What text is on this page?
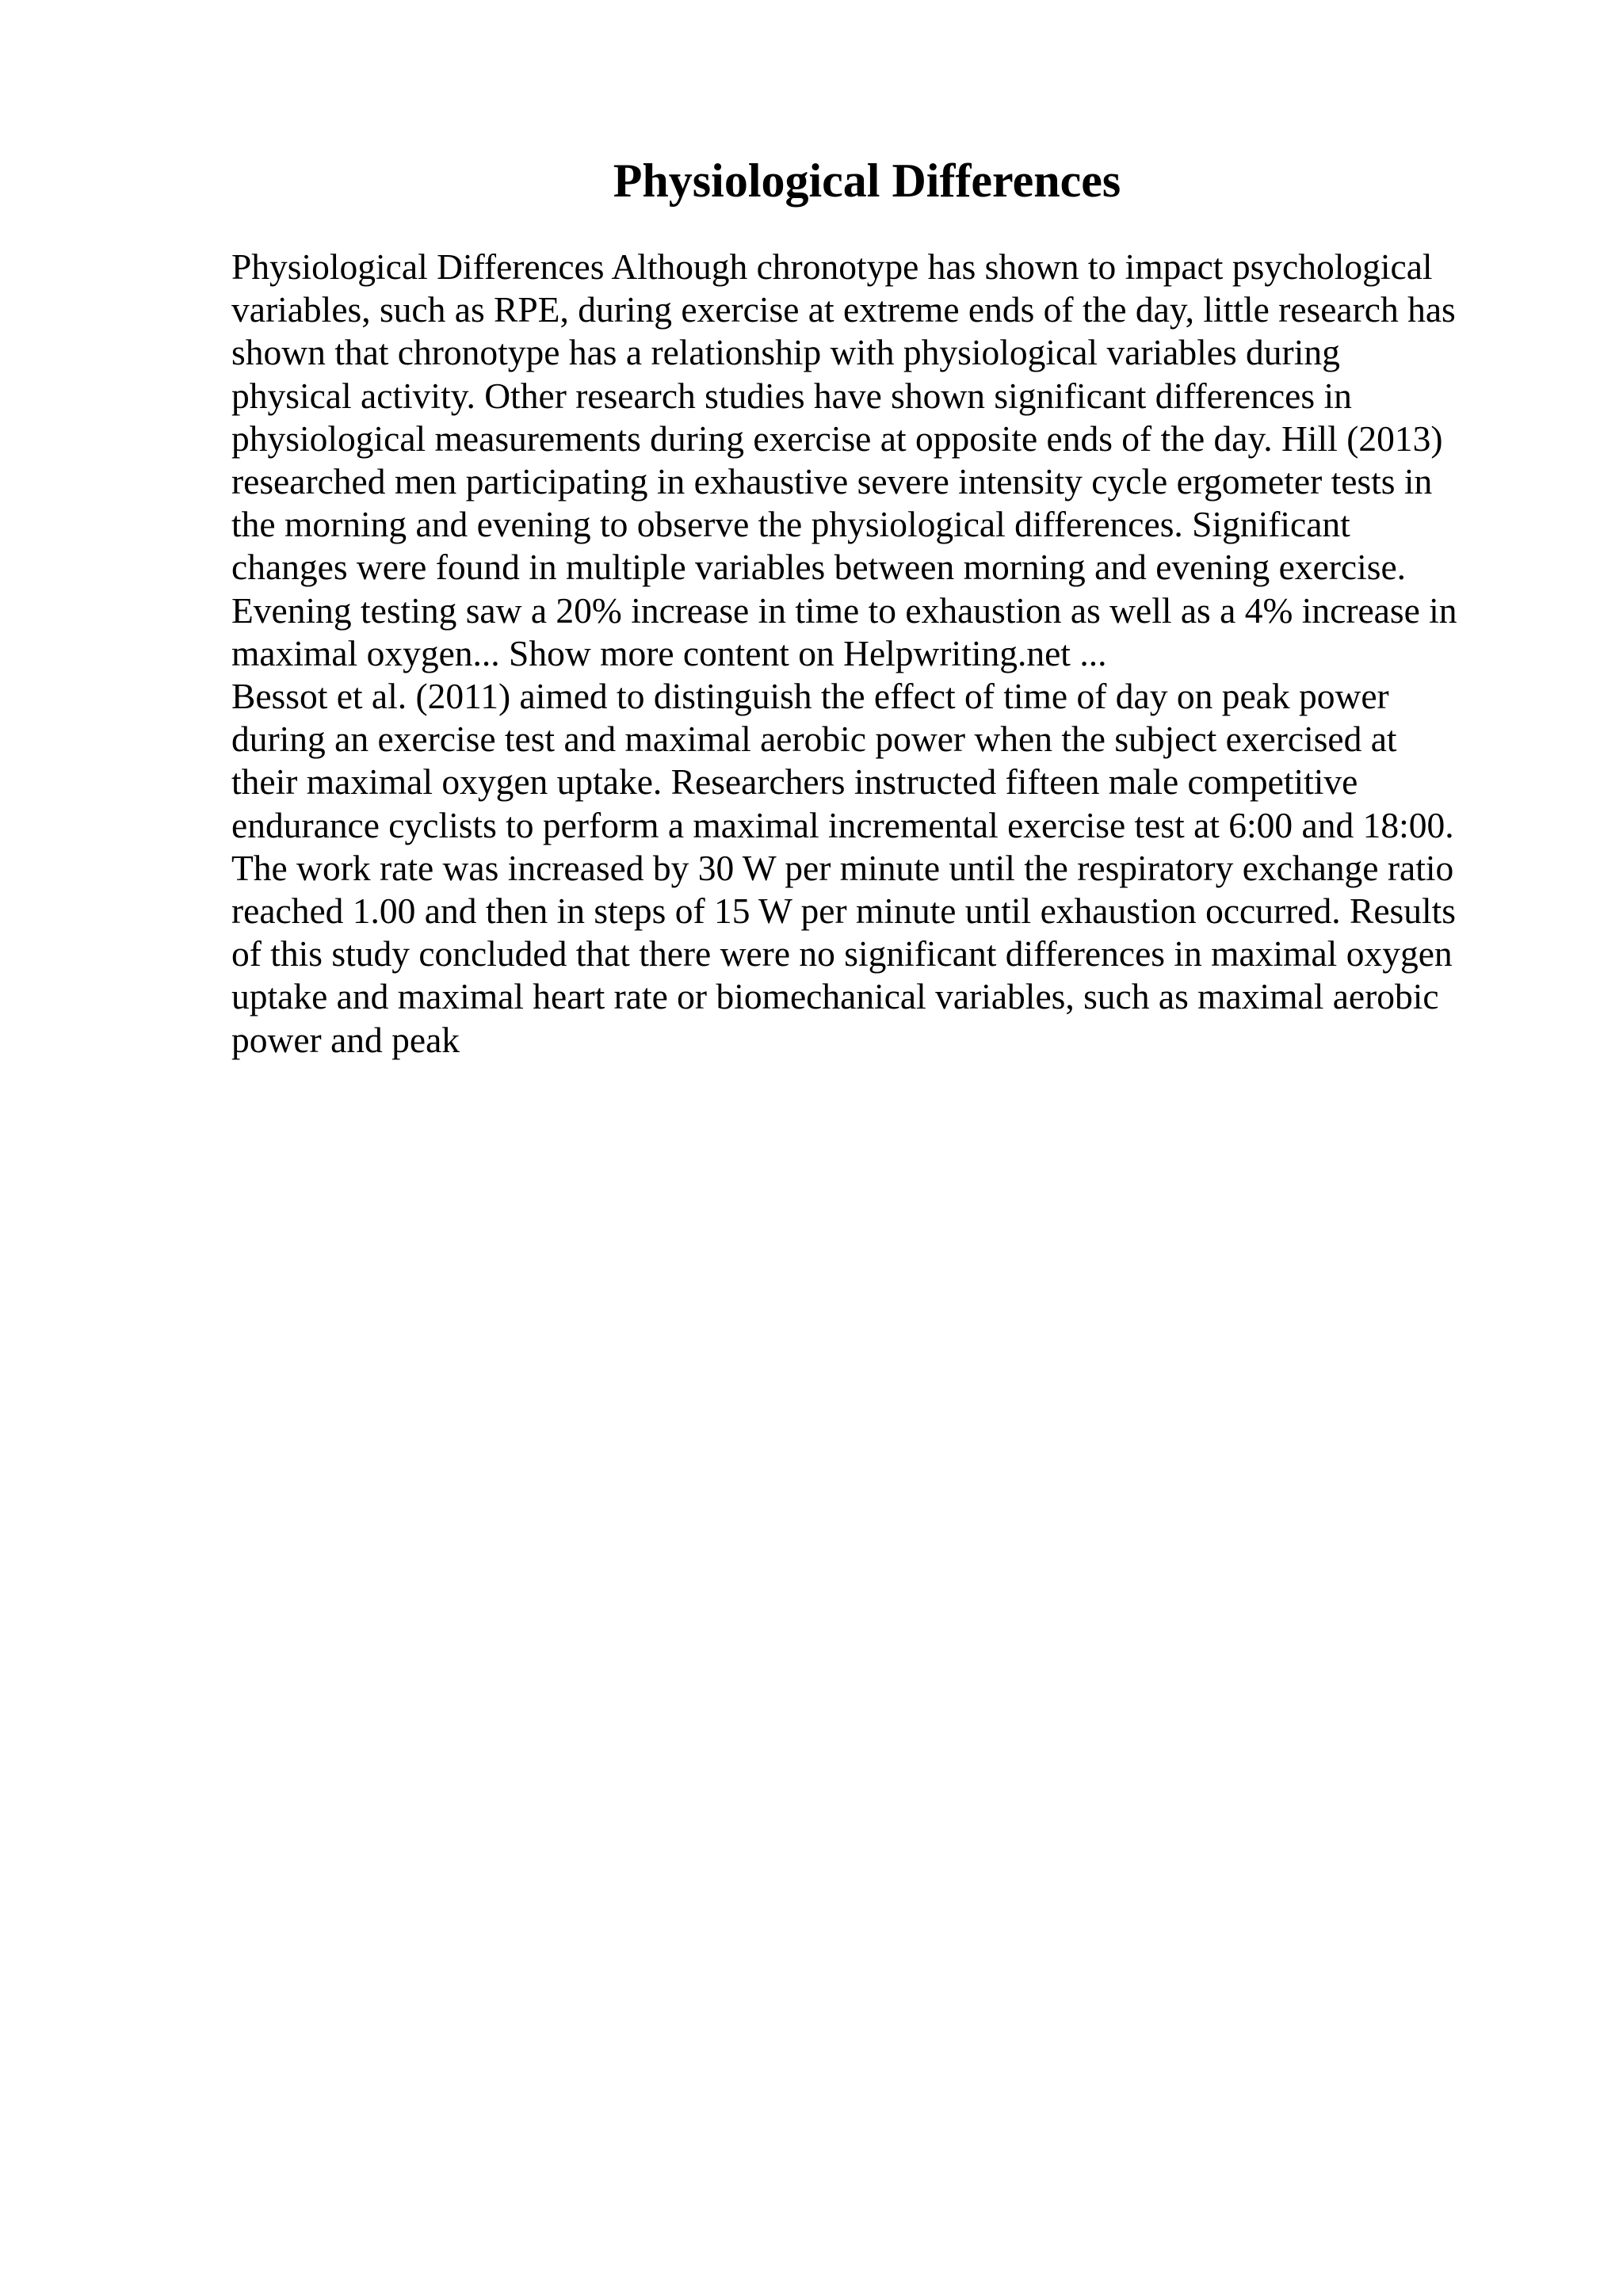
Physiological Differences
Physiological Differences Although chronotype has shown to impact psychological
variables, such as RPE, during exercise at extreme ends of the day, little research has
shown that chronotype has a relationship with physiological variables during
physical activity. Other research studies have shown significant differences in
physiological measurements during exercise at opposite ends of the day. Hill (2013)
researched men participating in exhaustive severe intensity cycle ergometer tests in
the morning and evening to observe the physiological differences. Significant
changes were found in multiple variables between morning and evening exercise.
Evening testing saw a 20% increase in time to exhaustion as well as a 4% increase in
maximal oxygen... Show more content on Helpwriting.net ...
Bessot et al. (2011) aimed to distinguish the effect of time of day on peak power
during an exercise test and maximal aerobic power when the subject exercised at
their maximal oxygen uptake. Researchers instructed fifteen male competitive
endurance cyclists to perform a maximal incremental exercise test at 6:00 and 18:00.
The work rate was increased by 30 W per minute until the respiratory exchange ratio
reached 1.00 and then in steps of 15 W per minute until exhaustion occurred. Results
of this study concluded that there were no significant differences in maximal oxygen
uptake and maximal heart rate or biomechanical variables, such as maximal aerobic
power and peak
